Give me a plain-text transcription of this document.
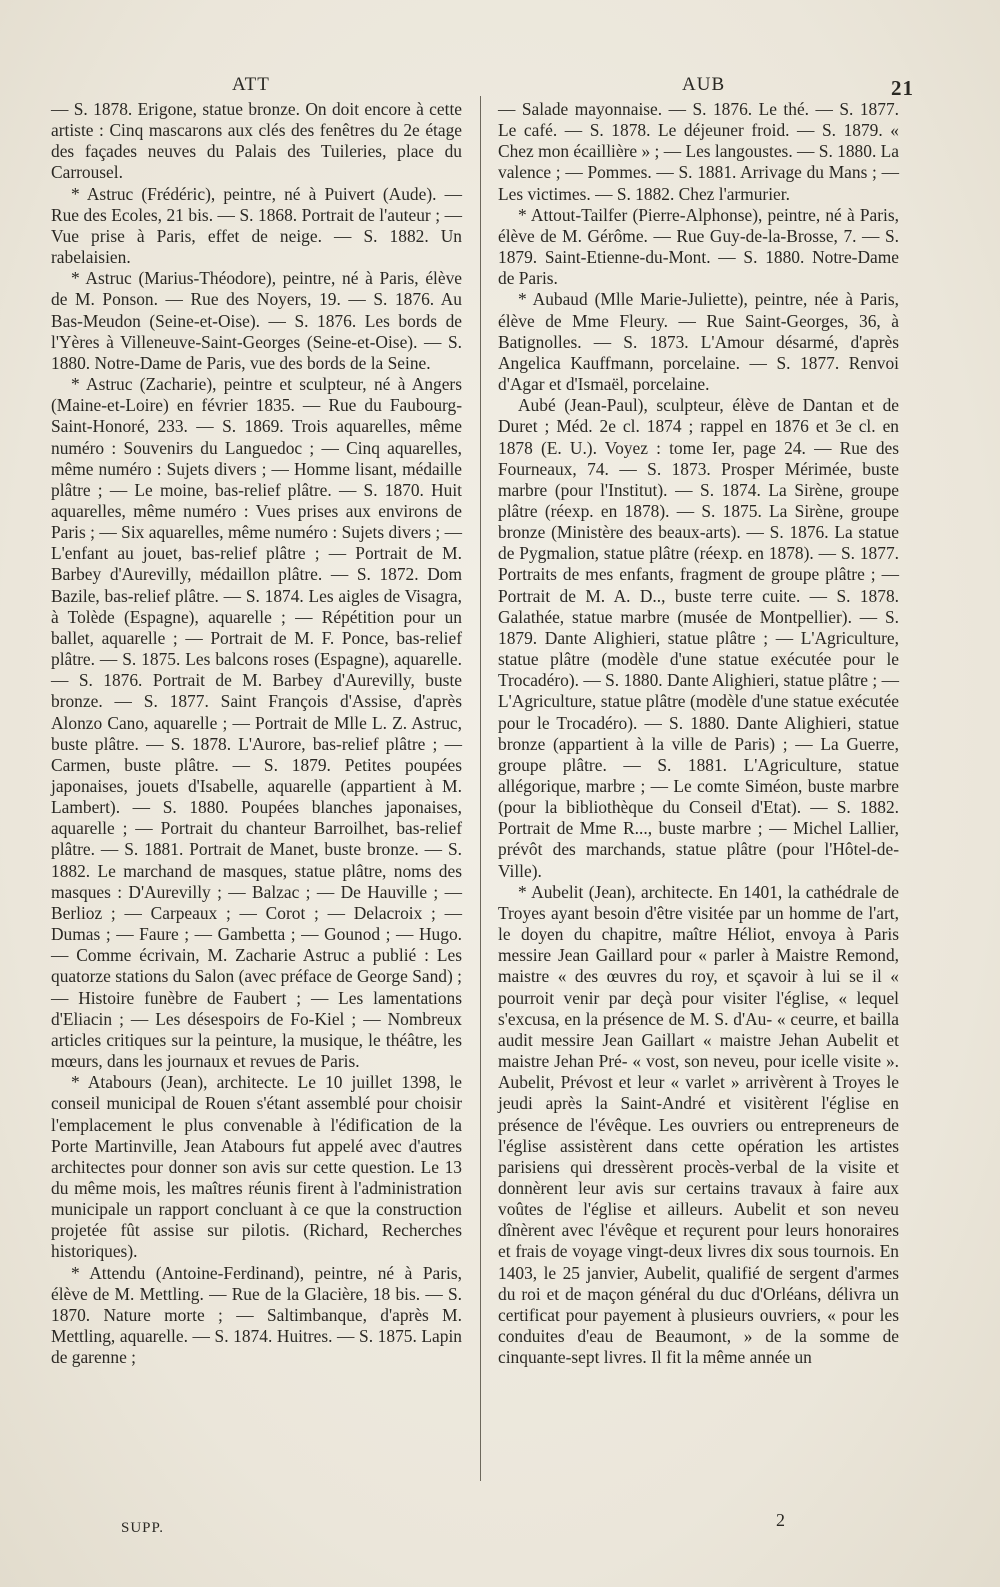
ATT	AUB	21

— S. 1878. Erigone, statue bronze. On doit encore à cette artiste : Cinq mascarons aux clés des fenêtres du 2e étage des façades neuves du Palais des Tuileries, place du Carrousel.

* Astruc (Frédéric), peintre, né à Puivert (Aude). — Rue des Ecoles, 21 bis. — S. 1868. Portrait de l'auteur ; — Vue prise à Paris, effet de neige. — S. 1882. Un rabelaisien.

* Astruc (Marius-Théodore), peintre, né à Paris, élève de M. Ponson. — Rue des Noyers, 19. — S. 1876. Au Bas-Meudon (Seine-et-Oise). — S. 1876. Les bords de l'Yères à Villeneuve-Saint-Georges (Seine-et-Oise). — S. 1880. Notre-Dame de Paris, vue des bords de la Seine.

* Astruc (Zacharie), peintre et sculpteur, né à Angers (Maine-et-Loire) en février 1835. — Rue du Faubourg-Saint-Honoré, 233. — S. 1869. Trois aquarelles, même numéro : Souvenirs du Languedoc ; — Cinq aquarelles, même numéro : Sujets divers ; — Homme lisant, médaille plâtre ; — Le moine, bas-relief plâtre. — S. 1870. Huit aquarelles, même numéro : Vues prises aux environs de Paris ; — Six aquarelles, même numéro : Sujets divers ; — L'enfant au jouet, bas-relief plâtre ; — Portrait de M. Barbey d'Aurevilly, médaillon plâtre. — S. 1872. Dom Bazile, bas-relief plâtre. — S. 1874. Les aigles de Visagra, à Tolède (Espagne), aquarelle ; — Répétition pour un ballet, aquarelle ; — Portrait de M. F. Ponce, bas-relief plâtre. — S. 1875. Les balcons roses (Espagne), aquarelle. — S. 1876. Portrait de M. Barbey d'Aurevilly, buste bronze. — S. 1877. Saint François d'Assise, d'après Alonzo Cano, aquarelle ; — Portrait de Mlle L. Z. Astruc, buste plâtre. — S. 1878. L'Aurore, bas-relief plâtre ; — Carmen, buste plâtre. — S. 1879. Petites poupées japonaises, jouets d'Isabelle, aquarelle (appartient à M. Lambert). — S. 1880. Poupées blanches japonaises, aquarelle ; — Portrait du chanteur Barroilhet, bas-relief plâtre. — S. 1881. Portrait de Manet, buste bronze. — S. 1882. Le marchand de masques, statue plâtre, noms des masques : D'Aurevilly ; — Balzac ; — De Hauville ; — Berlioz ; — Carpeaux ; — Corot ; — Delacroix ; — Dumas ; — Faure ; — Gambetta ; — Gounod ; — Hugo. — Comme écrivain, M. Zacharie Astruc a publié : Les quatorze stations du Salon (avec préface de George Sand) ; — Histoire funèbre de Faubert ; — Les lamentations d'Eliacin ; — Les désespoirs de Fo-Kiel ; — Nombreux articles critiques sur la peinture, la musique, le théâtre, les mœurs, dans les journaux et revues de Paris.

* Atabours (Jean), architecte. Le 10 juillet 1398, le conseil municipal de Rouen s'étant assemblé pour choisir l'emplacement le plus convenable à l'édification de la Porte Martinville, Jean Atabours fut appelé avec d'autres architectes pour donner son avis sur cette question. Le 13 du même mois, les maîtres réunis firent à l'administration municipale un rapport concluant à ce que la construction projetée fût assise sur pilotis. (Richard, Recherches historiques).

* Attendu (Antoine-Ferdinand), peintre, né à Paris, élève de M. Mettling. — Rue de la Glacière, 18 bis. — S. 1870. Nature morte ; — Saltimbanque, d'après M. Mettling, aquarelle. — S. 1874. Huitres. — S. 1875. Lapin de garenne ;

— Salade mayonnaise. — S. 1876. Le thé. — S. 1877. Le café. — S. 1878. Le déjeuner froid. — S. 1879. « Chez mon écaillière » ; — Les langoustes. — S. 1880. La valence ; — Pommes. — S. 1881. Arrivage du Mans ; — Les victimes. — S. 1882. Chez l'armurier.

* Attout-Tailfer (Pierre-Alphonse), peintre, né à Paris, élève de M. Gérôme. — Rue Guy-de-la-Brosse, 7. — S. 1879. Saint-Etienne-du-Mont. — S. 1880. Notre-Dame de Paris.

* Aubaud (Mlle Marie-Juliette), peintre, née à Paris, élève de Mme Fleury. — Rue Saint-Georges, 36, à Batignolles. — S. 1873. L'Amour désarmé, d'après Angelica Kauffmann, porcelaine. — S. 1877. Renvoi d'Agar et d'Ismaël, porcelaine.

Aubé (Jean-Paul), sculpteur, élève de Dantan et de Duret ; Méd. 2e cl. 1874 ; rappel en 1876 et 3e cl. en 1878 (E. U.). Voyez : tome Ier, page 24. — Rue des Fourneaux, 74. — S. 1873. Prosper Mérimée, buste marbre (pour l'Institut). — S. 1874. La Sirène, groupe plâtre (réexp. en 1878). — S. 1875. La Sirène, groupe bronze (Ministère des beaux-arts). — S. 1876. La statue de Pygmalion, statue plâtre (réexp. en 1878). — S. 1877. Portraits de mes enfants, fragment de groupe plâtre ; — Portrait de M. A. D.., buste terre cuite. — S. 1878. Galathée, statue marbre (musée de Montpellier). — S. 1879. Dante Alighieri, statue plâtre ; — L'Agriculture, statue plâtre (modèle d'une statue exécutée pour le Trocadéro). — S. 1880. Dante Alighieri, statue plâtre ; — L'Agriculture, statue plâtre (modèle d'une statue exécutée pour le Trocadéro). — S. 1880. Dante Alighieri, statue bronze (appartient à la ville de Paris) ; — La Guerre, groupe plâtre. — S. 1881. L'Agriculture, statue allégorique, marbre ; — Le comte Siméon, buste marbre (pour la bibliothèque du Conseil d'Etat). — S. 1882. Portrait de Mme R..., buste marbre ; — Michel Lallier, prévôt des marchands, statue plâtre (pour l'Hôtel-de-Ville).

* Aubelit (Jean), architecte. En 1401, la cathédrale de Troyes ayant besoin d'être visitée par un homme de l'art, le doyen du chapitre, maître Héliot, envoya à Paris messire Jean Gaillard pour « parler à Maistre Remond, maistre « des œuvres du roy, et sçavoir à lui se il « pourroit venir par deçà pour visiter l'église, « lequel s'excusa, en la présence de M. S. d'Au- « ceurre, et bailla audit messire Jean Gaillart « maistre Jehan Aubelit et maistre Jehan Pré- « vost, son neveu, pour icelle visite ». Aubelit, Prévost et leur « varlet » arrivèrent à Troyes le jeudi après la Saint-André et visitèrent l'église en présence de l'évêque. Les ouvriers ou entrepreneurs de l'église assistèrent dans cette opération les artistes parisiens qui dressèrent procès-verbal de la visite et donnèrent leur avis sur certains travaux à faire aux voûtes de l'église et ailleurs. Aubelit et son neveu dînèrent avec l'évêque et reçurent pour leurs honoraires et frais de voyage vingt-deux livres dix sous tournois. En 1403, le 25 janvier, Aubelit, qualifié de sergent d'armes du roi et de maçon général du duc d'Orléans, délivra un certificat pour payement à plusieurs ouvriers, « pour les conduites d'eau de Beaumont, » de la somme de cinquante-sept livres. Il fit la même année un

SUPP.	2
